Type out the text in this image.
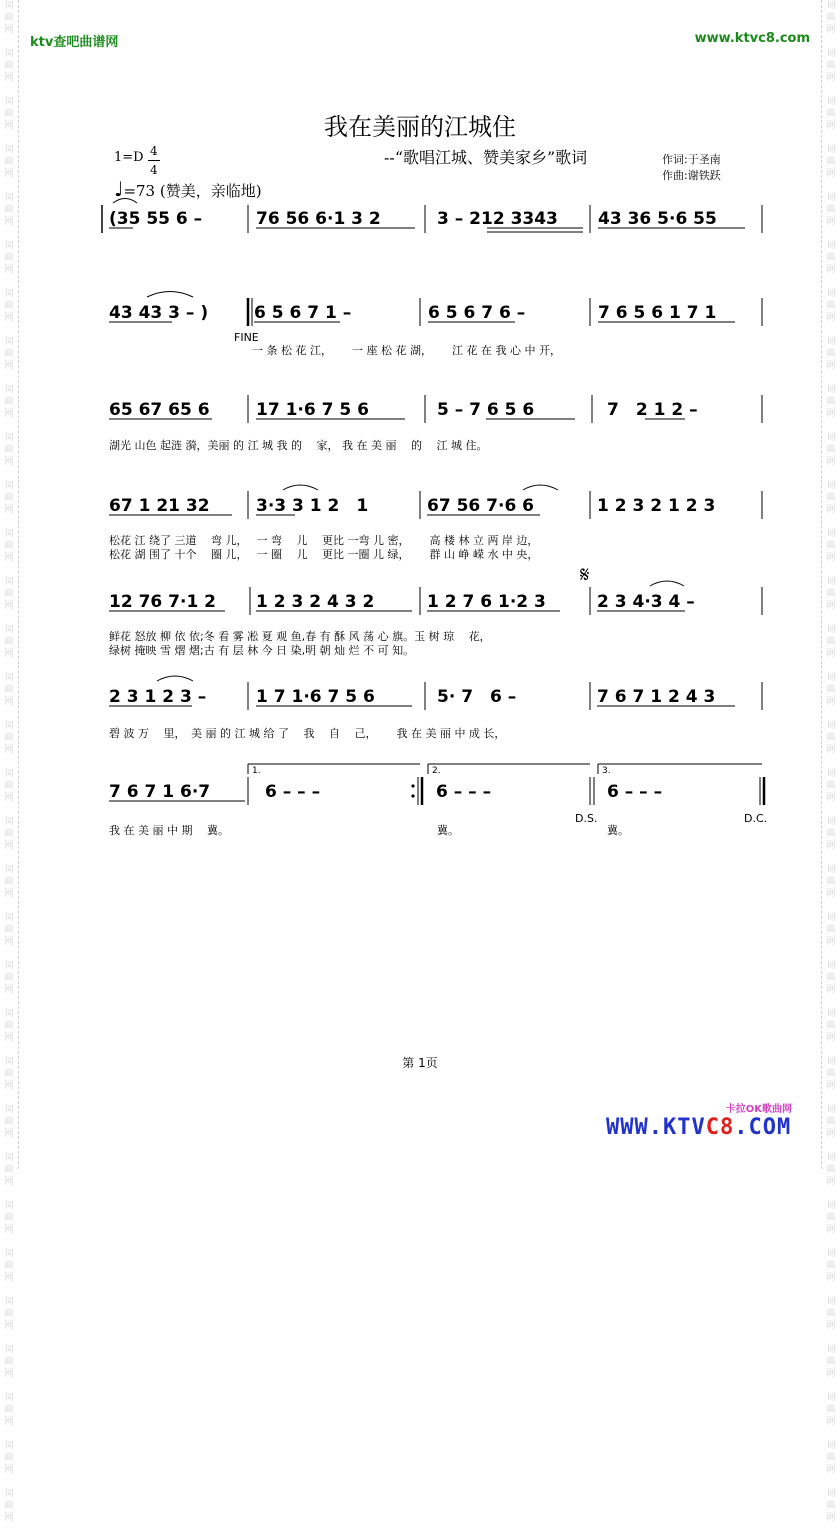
词
曲
网

词
曲
网

词
曲
网

词
曲
网

词
曲
网

词
曲
网

词
曲
网

词
曲
网

词
曲
网

词
曲
网

词
曲
网

词
曲
网

词
曲
网

词
曲
网

词
曲
网

词
曲
网

词
曲
网

词
曲
网

词
曲
网

词
曲
网

词
曲
网

词
曲
网

词
曲
网

词
曲
网

词
曲
网

词
曲
网

词
曲
网

词
曲
网

词
曲
网

词
曲
网

词
曲
网

词
曲
网

词
曲
网

词
曲
网

词
曲
网

词
曲
网

词
曲
网

词
曲
网

词
曲
网

词
曲
网

词
曲
网

词
曲
网

词
曲
网

词
曲
网

词
曲
网

词
曲
网

词
曲
网

词
曲
网

词
曲
网

词
曲
网

词
曲
网

词
曲
网

词
曲
网

词
曲
网

词
曲
网

词
曲
网

词
曲
网

词
曲
网

词
曲
网

词
曲
网

词
曲
网

词
曲
网

词
曲
网

词
曲
网

ktv查吧曲谱网	www.ktvc8.com
我在美丽的江城住
--“歌唱江城、赞美家乡”歌词	作词:于圣南
作曲:谢铁跃
1=D 4
4
♩=73 (赞美，亲临地)
(35 55 6 –	76 56 6·1 3 2	3 – 212 3343 43 36 5·6 55
43 43 3 – )	6 5 6 7 1 –	6 5 6 7 6 –	7 6 5 6 1 7 1
65 67 65 6	17 1·6 7 5 6	5 – 7 6 5 6	7　2 1 2 –
67 1 21 32	3·3 3 1 2　1	67 56 7·6 6	1 2 3 2 1 2 3
12 76 7·1 2 1 2 3 2 4 3 2	1 2 7 6 1·2 3	2 3 4·3 4 –
2 3 1 2 3 –	1 7 1·6 7 5 6	5· 7　6 –	7 6 7 1 2 4 3
7 6 7 1 6·7	6 – – –	6 – – –	6 – – –
FINE
𝄋
1.	2.	3.
D.S.	D.C.
一 条 松 花 江，　　 一 座 松 花 湖，　　 江 花 在 我 心 中 开，
湖光 山色 起涟 漪，美丽 的 江 城 我 的　 家， 我 在 美 丽　 的　 江 城 住。
松花 江 绕了 三道　 弯 儿，　 一 弯　 儿　 更比 一弯 儿 密，　　 高 楼 林 立 两 岸 边，
松花 湖 围了 十个　 圈 儿，　 一 圈　 儿　 更比 一圈 儿 绿，　　 群 山 峥 嵘 水 中 央，
鲜花 怒放 柳 依 依;冬 看 雾 凇 夏 观 鱼,春 有 酥 风 荡 心 旗。玉 树 琼　 花，
绿树 掩映 雪 熠 熠;古 有 层 林 今 日 染,明 朝 灿 烂 不 可 知。
碧 波 万　 里，　美 丽 的 江 城 给 了　 我　 自　 己，　　 我 在 美 丽 中 成 长，
我 在 美 丽 中 期　 冀。	冀。	冀。
第 1页
卡拉OK歌曲网
WWW.KTVC8.COM
